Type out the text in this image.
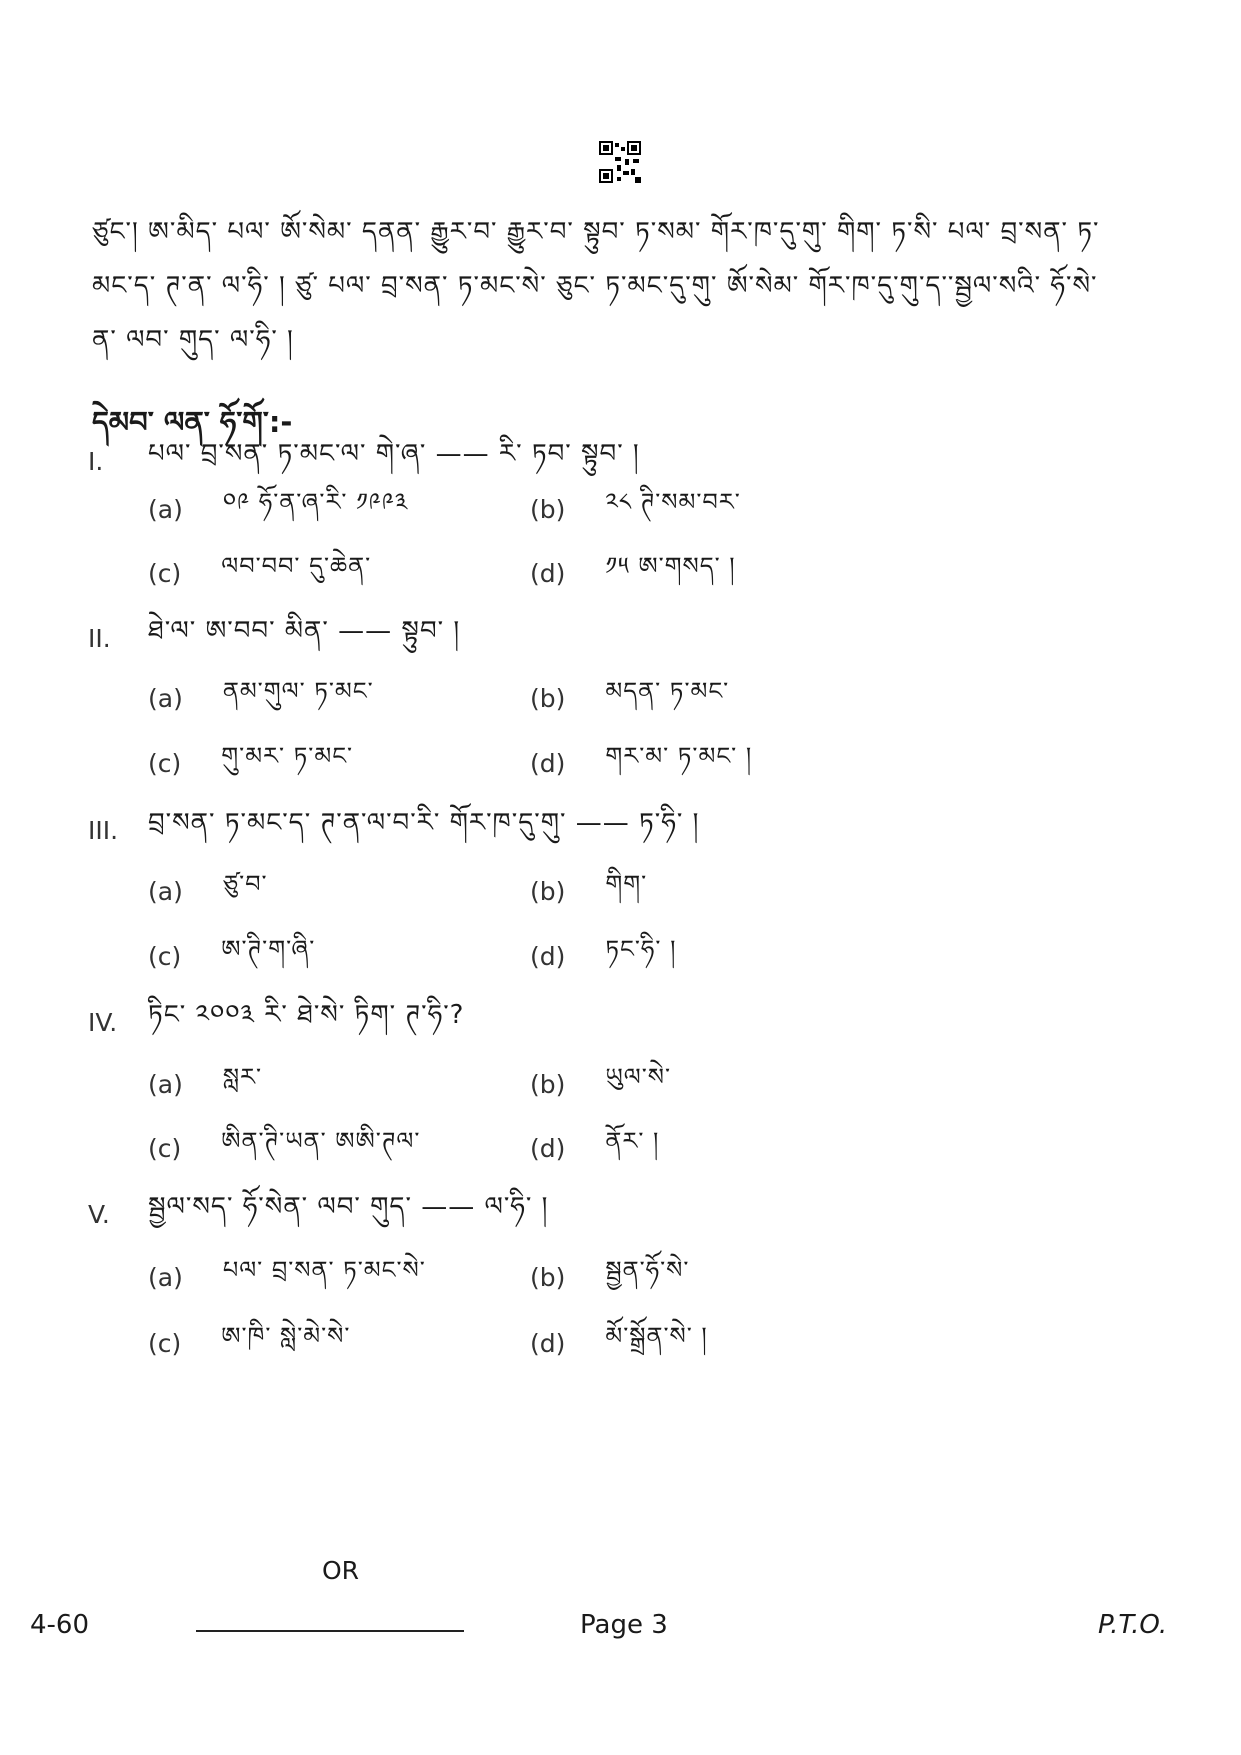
ཙུང་། ཨ་མིད་ པལ་ ཨོ་སེམ་ དནན་ རྒྱུར་བ་ རྒྱུར་བ་ སྟུབ་ ཏ་སམ་ གོར་ཁ་དུ་གུ་ གིག་ ཏ་སི་ པལ་ བྲ་སན་ ཏ་
མང་ད་ ཊ་ན་ ལ་ཧི་ ། ཙུ་ པལ་ བྲ་སན་ ཏ་མང་སེ་ ཅུང་ ཏ་མང་དུ་གུ་ ཨོ་སེམ་ གོར་ཁ་དུ་གུ་ད་་སྦྱལ་སའི་ ཧོ་སེ་
ན་ ལབ་ གུད་ ལ་ཧི་ །
དེམབ་ ལན་ ཧོ་གོ་:-
I.	པལ་ བྲ་སན་ ཏ་མང་ལ་ གེ་ཞ་ —— རི་ ཏབ་ སྟུབ་ །
(a) ༠༩ ཧོ་ན་ཞ་རི་ ༡༩༩༣	(b) ༢༨ ཊི་སམ་བར་
(c) ལབ་བབ་ དུ་ཆེན་	(d) ༡༥ ཨ་གསད་ །
II.	ཐེ་ལ་ ཨ་བབ་ མིན་ —— སྟུབ་ །
(a) ནམ་གུལ་ ཏ་མང་	(b) མདན་ ཏ་མང་
(c) གུ་མར་ ཏ་མང་	(d) གར་མ་ ཏ་མང་ །
III.	བྲ་སན་ ཏ་མང་ད་ ཊ་ན་ལ་བ་རི་ གོར་ཁ་དུ་གུ་ —— ཏ་ཧི་ །
(a) ཙུ་བ་	(b) གིག་
(c) ཨ་ཊི་ག་ཞི་	(d) ཏང་ཧི་ །
IV.	ཏིང་ ༢༠༠༣ རི་ ཐེ་སེ་ ཏིག་ ཊ་ཧི་?
(a) སླར་	(b) ཡུལ་སེ་
(c) ཨིན་ཊི་ཡན་ ཨཨི་ཊལ་	(d) ནོར་ །
V.	སྦྱལ་སད་ ཧོ་སེན་ ལབ་ གུད་ —— ལ་ཧི་ །
(a) པལ་ བྲ་སན་ ཏ་མང་སེ་	(b) སྦྱན་ཧོ་སེ་
(c) ཨ་ཁི་ སླེ་མེ་སེ་	(d) མོ་སྒྲོན་སེ་ །
OR
4-60	Page 3	P.T.O.
